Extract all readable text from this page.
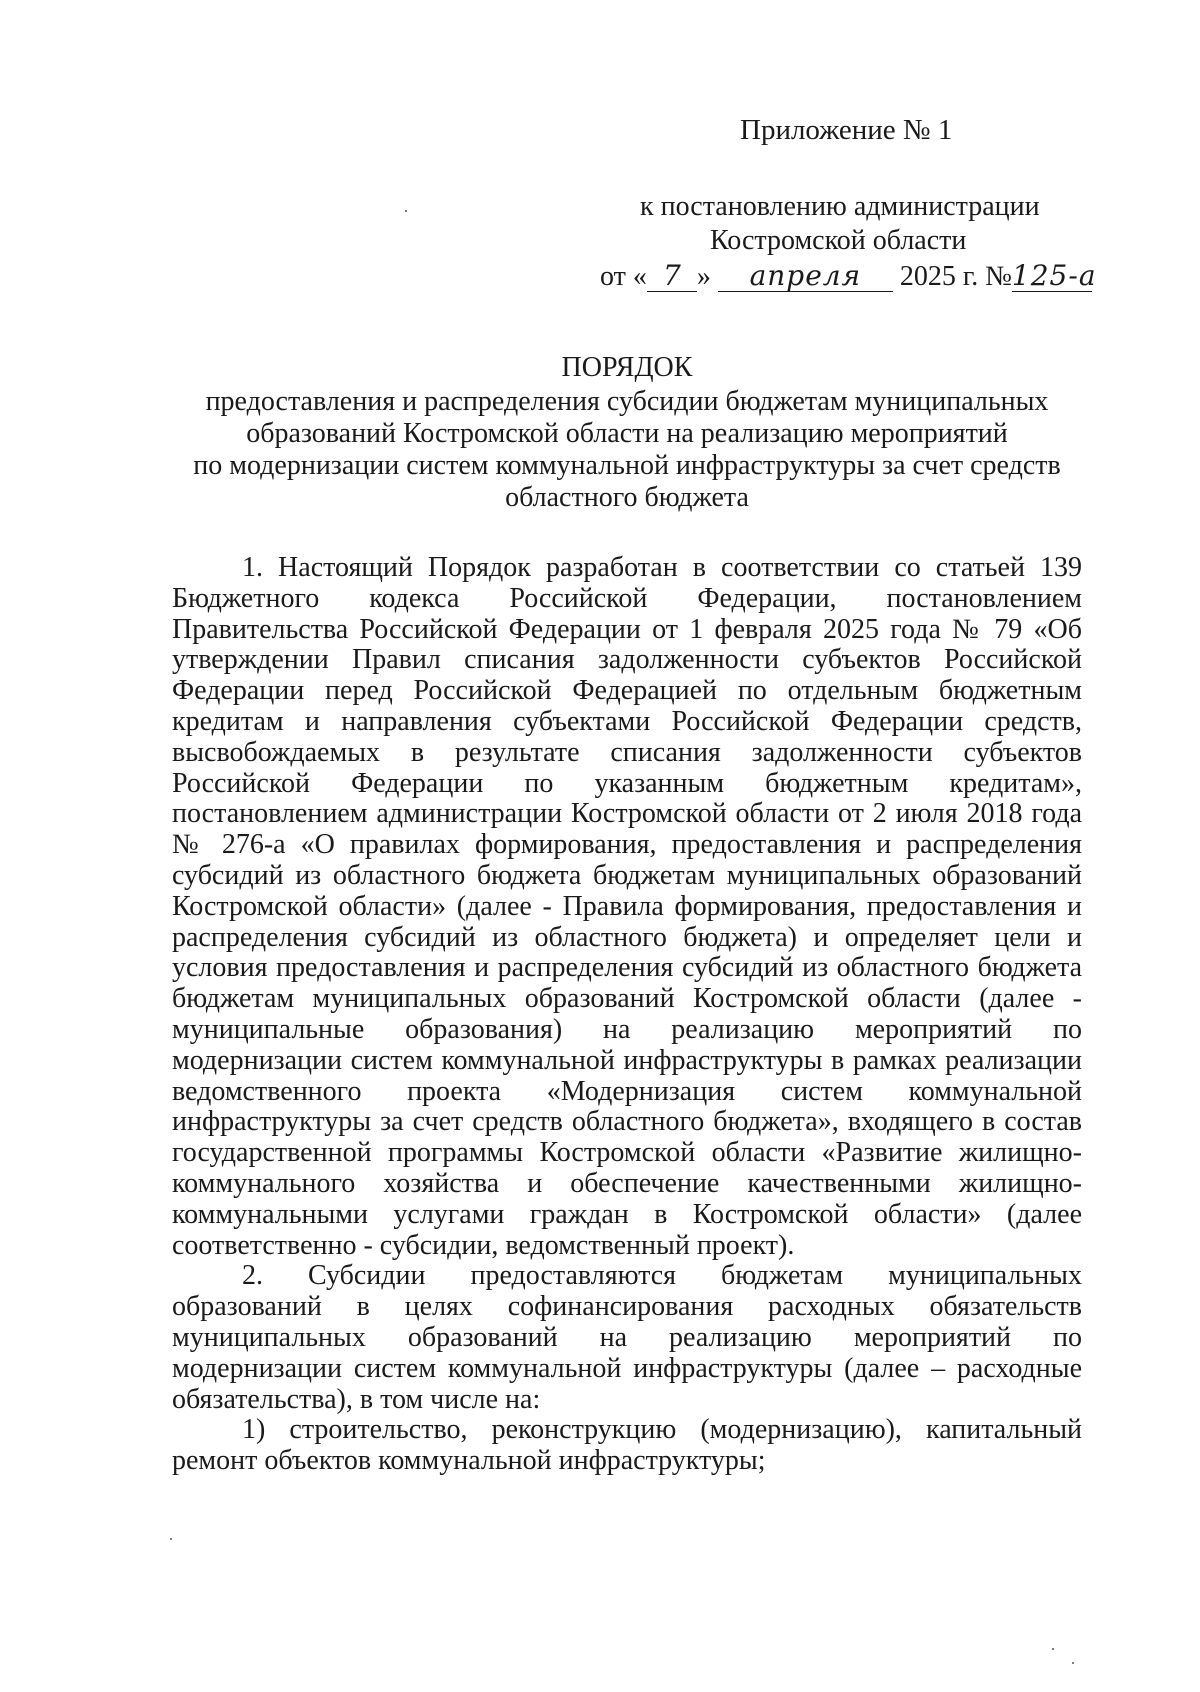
Приложение № 1
к постановлению администрации
Костромской области
от « 7 » апреля 2025 г. №125-а
ПОРЯДОК
предоставления и распределения субсидии бюджетам муниципальных
образований Костромской области на реализацию мероприятий
по модернизации систем коммунальной инфраструктуры за счет средств
областного бюджета

1. Настоящий Порядок разработан в соответствии со статьей 139 Бюджетного кодекса Российской Федерации, постановлением Правительства Российской Федерации от 1 февраля 2025 года № 79 «Об утверждении Правил списания задолженности субъектов Российской Федерации перед Российской Федерацией по отдельным бюджетным кредитам и направления субъектами Российской Федерации средств, высвобождаемых в результате списания задолженности субъектов Российской Федерации по указанным бюджетным кредитам», постановлением администрации Костромской области от 2 июля 2018 года № 276-а «О правилах формирования, предоставления и распределения субсидий из областного бюджета бюджетам муниципальных образований Костромской области» (далее - Правила формирования, предоставления и распределения субсидий из областного бюджета) и определяет цели и условия предоставления и распределения субсидий из областного бюджета бюджетам муниципальных образований Костромской области (далее - муниципальные образования) на реализацию мероприятий по модернизации систем коммунальной инфраструктуры в рамках реализации ведомственного проекта «Модернизация систем коммунальной инфраструктуры за счет средств областного бюджета», входящего в состав государственной программы Костромской области «Развитие жилищно-коммунального хозяйства и обеспечение качественными жилищно-коммунальными услугами граждан в Костромской области» (далее соответственно - субсидии, ведомственный проект).

2. Субсидии предоставляются бюджетам муниципальных образований в целях софинансирования расходных обязательств муниципальных образований на реализацию мероприятий по модернизации систем коммунальной инфраструктуры (далее – расходные обязательства), в том числе на:

1) строительство, реконструкцию (модернизацию), капитальный ремонт объектов коммунальной инфраструктуры;
